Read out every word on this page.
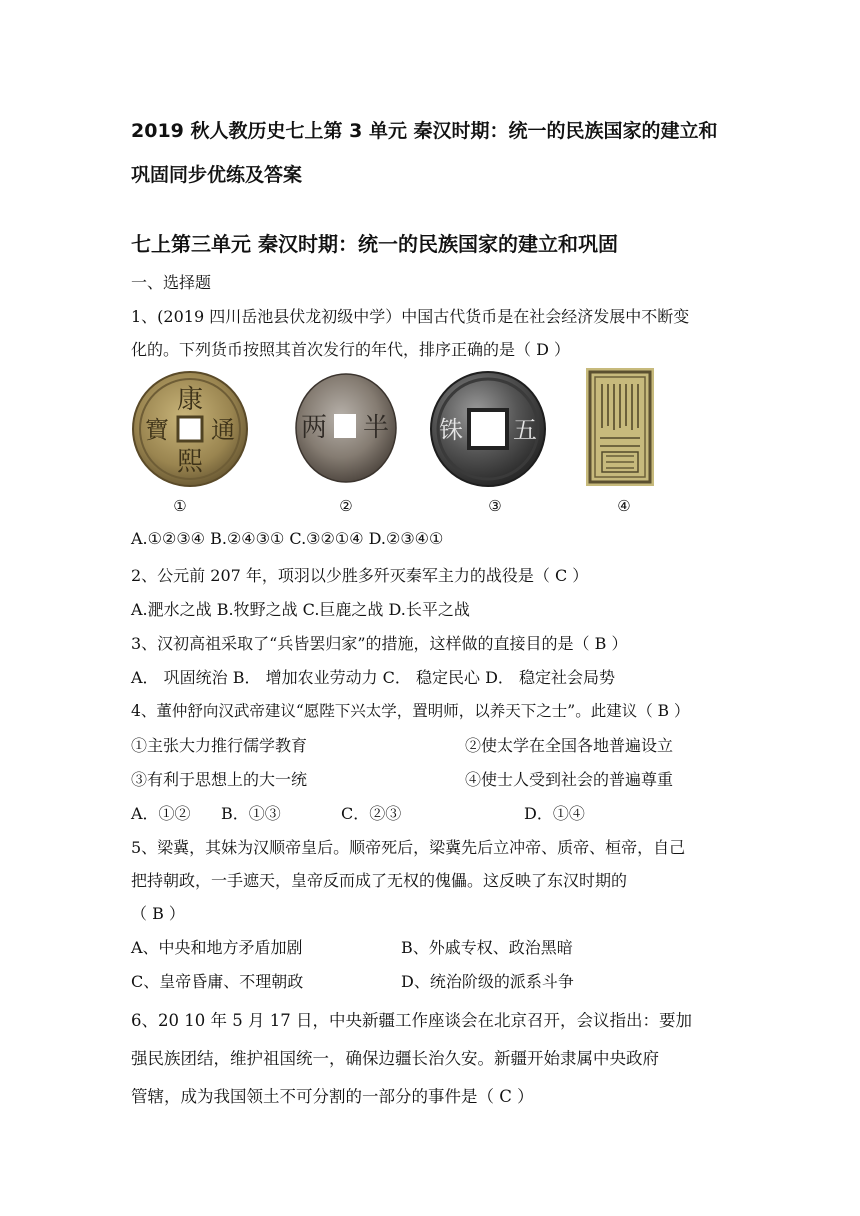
2019 秋人教历史七上第 3 单元 秦汉时期：统一的民族国家的建立和
巩固同步优练及答案
七上第三单元 秦汉时期：统一的民族国家的建立和巩固
一、选择题
1、(2019 四川岳池县伏龙初级中学）中国古代货币是在社会经济发展中不断变
化的。下列货币按照其首次发行的年代，排序正确的是（ D ）
康
熙
寶 通	两 半 铢 五
①	②	③	④
A.①②③④ B.②④③① C.③②①④ D.②③④①
2、公元前 207 年，项羽以少胜多歼灭秦军主力的战役是（ C ）
A.淝水之战 B.牧野之战 C.巨鹿之战 D.长平之战
3、汉初高祖采取了“兵皆罢归家”的措施，这样做的直接目的是（ B ）
A． 巩固统治 B． 增加农业劳动力 C． 稳定民心 D． 稳定社会局势
4、董仲舒向汉武帝建议“愿陛下兴太学，置明师，以养天下之士”。此建议（ B ）
①主张大力推行儒学教育	②使太学在全国各地普遍设立
③有利于思想上的大一统	④使士人受到社会的普遍尊重
A．①② B．①③	C．②③	D．①④
5、梁冀，其妹为汉顺帝皇后。顺帝死后，梁冀先后立冲帝、质帝、桓帝，自己
把持朝政，一手遮天，皇帝反而成了无权的傀儡。这反映了东汉时期的
（ B ）
A、中央和地方矛盾加剧	B、外戚专权、政治黑暗
C、皇帝昏庸、不理朝政	D、统治阶级的派系斗争
6、20 10 年 5 月 17 日，中央新疆工作座谈会在北京召开，会议指出：要加
强民族团结，维护祖国统一，确保边疆长治久安。新疆开始隶属中央政府
管辖，成为我国领土不可分割的一部分的事件是（ C ）
